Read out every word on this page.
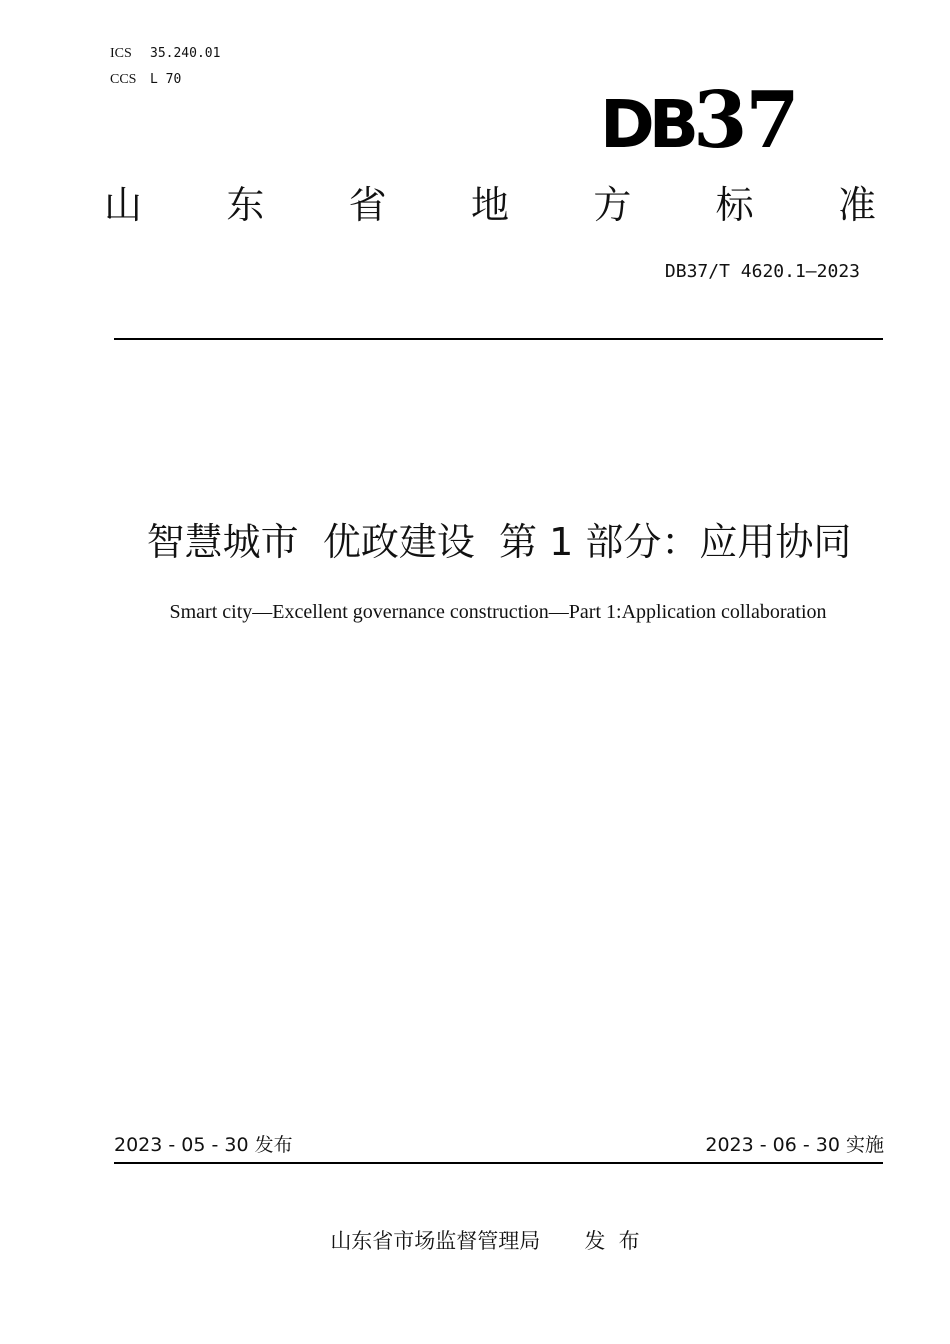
ICS 35.240.01
CCS L 70
DB37
山 东 省 地 方 标 准
DB37/T 4620.1—2023
智慧城市  优政建设  第 1 部分：应用协同
Smart city—Excellent governance construction—Part 1:Application collaboration
2023 - 05 - 30 发布	2023 - 06 - 30 实施
山东省市场监督管理局 发  布
